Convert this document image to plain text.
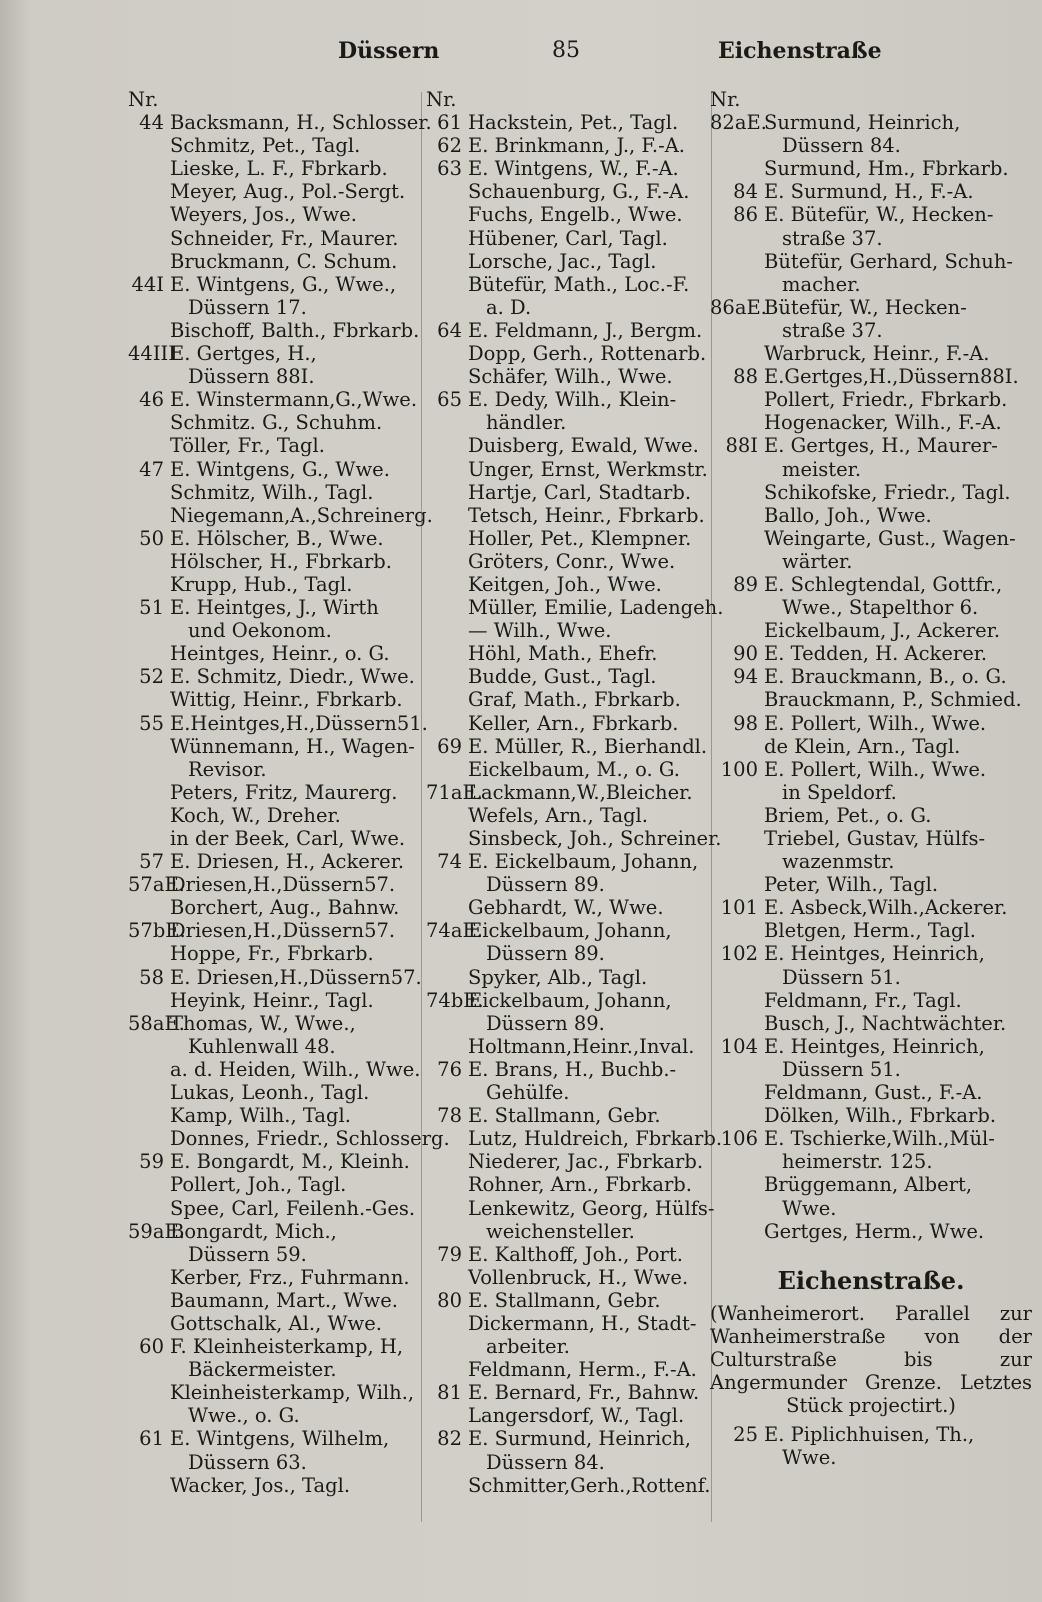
Düssern	85	Eichenstraße
Nr.
44 Backsmann, H., Schlosser.
Schmitz, Pet., Tagl.
Lieske, L. F., Fbrkarb.
Meyer, Aug., Pol.-Sergt.
Weyers, Jos., Wwe.
Schneider, Fr., Maurer.
Bruckmann, C. Schum.
44I E. Wintgens, G., Wwe.,
Düssern 17.
Bischoff, Balth., Fbrkarb.
44III
E. Gertges, H.,
Düssern 88I.
46 E. Winstermann,G.,Wwe.
Schmitz. G., Schuhm.
Töller, Fr., Tagl.
47 E. Wintgens, G., Wwe.
Schmitz, Wilh., Tagl.
Niegemann,A.,Schreinerg.
50 E. Hölscher, B., Wwe.
Hölscher, H., Fbrkarb.
Krupp, Hub., Tagl.
51 E. Heintges, J., Wirth
und Oekonom.
Heintges, Heinr., o. G.
52 E. Schmitz, Diedr., Wwe.
Wittig, Heinr., Fbrkarb.
55 E.Heintges,H.,Düssern51.
Wünnemann, H., Wagen-
Revisor.
Peters, Fritz, Maurerg.
Koch, W., Dreher.
in der Beek, Carl, Wwe.
57 E. Driesen, H., Ackerer.
57aE.
Driesen,H.,Düssern57.
Borchert, Aug., Bahnw.
57bE.
Driesen,H.,Düssern57.
Hoppe, Fr., Fbrkarb.
58 E. Driesen,H.,Düssern57.
Heyink, Heinr., Tagl.
58aE.
Thomas, W., Wwe.,
Kuhlenwall 48.
a. d. Heiden, Wilh., Wwe.
Lukas, Leonh., Tagl.
Kamp, Wilh., Tagl.
Donnes, Friedr., Schlosserg.
59 E. Bongardt, M., Kleinh.
Pollert, Joh., Tagl.
Spee, Carl, Feilenh.-Ges.
59aE.
Bongardt, Mich.,
Düssern 59.
Kerber, Frz., Fuhrmann.
Baumann, Mart., Wwe.
Gottschalk, Al., Wwe.
60 F. Kleinheisterkamp, H,
Bäckermeister.
Kleinheisterkamp, Wilh.,
Wwe., o. G.
61 E. Wintgens, Wilhelm,
Düssern 63.
Wacker, Jos., Tagl.
Nr.
61 Hackstein, Pet., Tagl.
62 E. Brinkmann, J., F.-A.
63 E. Wintgens, W., F.-A.
Schauenburg, G., F.-A.
Fuchs, Engelb., Wwe.
Hübener, Carl, Tagl.
Lorsche, Jac., Tagl.
Bütefür, Math., Loc.-F.
a. D.
64 E. Feldmann, J., Bergm.
Dopp, Gerh., Rottenarb.
Schäfer, Wilh., Wwe.
65 E. Dedy, Wilh., Klein-
händler.
Duisberg, Ewald, Wwe.
Unger, Ernst, Werkmstr.
Hartje, Carl, Stadtarb.
Tetsch, Heinr., Fbrkarb.
Holler, Pet., Klempner.
Gröters, Conr., Wwe.
Keitgen, Joh., Wwe.
Müller, Emilie, Ladengeh.
— Wilh., Wwe.
Höhl, Math., Ehefr.
Budde, Gust., Tagl.
Graf, Math., Fbrkarb.
Keller, Arn., Fbrkarb.
69 E. Müller, R., Bierhandl.
Eickelbaum, M., o. G.
71aE.
Lackmann,W.,Bleicher.
Wefels, Arn., Tagl.
Sinsbeck, Joh., Schreiner.
74 E. Eickelbaum, Johann,
Düssern 89.
Gebhardt, W., Wwe.
74aE.
Eickelbaum, Johann,
Düssern 89.
Spyker, Alb., Tagl.
74bE.
Eickelbaum, Johann,
Düssern 89.
Holtmann,Heinr.,Inval.
76 E. Brans, H., Buchb.-
Gehülfe.
78 E. Stallmann, Gebr.
Lutz, Huldreich, Fbrkarb.
Niederer, Jac., Fbrkarb.
Rohner, Arn., Fbrkarb.
Lenkewitz, Georg, Hülfs-
weichensteller.
79 E. Kalthoff, Joh., Port.
Vollenbruck, H., Wwe.
80 E. Stallmann, Gebr.
Dickermann, H., Stadt-
arbeiter.
Feldmann, Herm., F.-A.
81 E. Bernard, Fr., Bahnw.
Langersdorf, W., Tagl.
82 E. Surmund, Heinrich,
Düssern 84.
Schmitter,Gerh.,Rottenf.
Nr.
82aE.
Surmund, Heinrich,
Düssern 84.
Surmund, Hm., Fbrkarb.
84 E. Surmund, H., F.-A.
86 E. Bütefür, W., Hecken-
straße 37.
Bütefür, Gerhard, Schuh-
macher.
86aE.
Bütefür, W., Hecken-
straße 37.
Warbruck, Heinr., F.-A.
88 E.Gertges,H.,Düssern88I.
Pollert, Friedr., Fbrkarb.
Hogenacker, Wilh., F.-A.
88I E. Gertges, H., Maurer-
meister.
Schikofske, Friedr., Tagl.
Ballo, Joh., Wwe.
Weingarte, Gust., Wagen-
wärter.
89 E. Schlegtendal, Gottfr.,
Wwe., Stapelthor 6.
Eickelbaum, J., Ackerer.
90 E. Tedden, H. Ackerer.
94 E. Brauckmann, B., o. G.
Brauckmann, P., Schmied.
98 E. Pollert, Wilh., Wwe.
de Klein, Arn., Tagl.
100 E. Pollert, Wilh., Wwe.
in Speldorf.
Briem, Pet., o. G.
Triebel, Gustav, Hülfs-
wazenmstr.
Peter, Wilh., Tagl.
101 E. Asbeck,Wilh.,Ackerer.
Bletgen, Herm., Tagl.
102 E. Heintges, Heinrich,
Düssern 51.
Feldmann, Fr., Tagl.
Busch, J., Nachtwächter.
104 E. Heintges, Heinrich,
Düssern 51.
Feldmann, Gust., F.-A.
Dölken, Wilh., Fbrkarb.
106 E. Tschierke,Wilh.,Mül-
heimerstr. 125.
Brüggemann, Albert,
Wwe.
Gertges, Herm., Wwe.
Eichenstraße.
(Wanheimerort. Parallel zur Wanheimerstraße von der Culturstraße bis zur Angermunder Grenze. Letztes Stück projectirt.)
25 E. Piplichhuisen, Th.,
Wwe.
